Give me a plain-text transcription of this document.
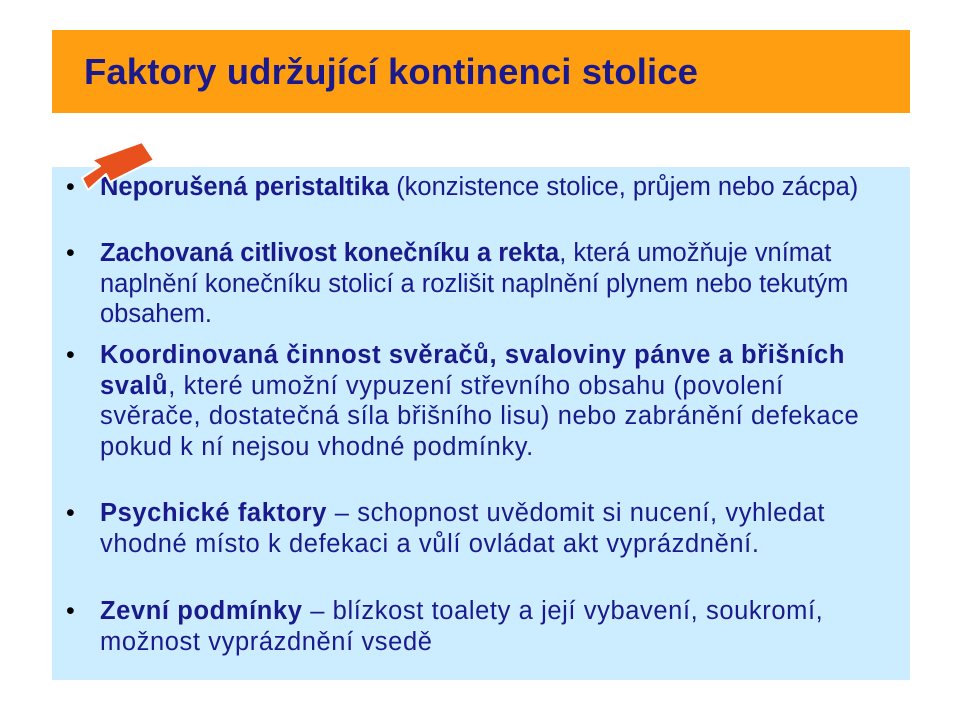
Faktory udržující kontinenci stolice
• Neporušená peristaltika (konzistence stolice, průjem nebo zácpa)
• Zachovaná citlivost konečníku a rekta, která umožňuje vnímat naplnění konečníku stolicí a rozlišit naplnění plynem nebo tekutým obsahem.
• Koordinovaná činnost svěračů, svaloviny pánve a břišních svalů, které umožní vypuzení střevního obsahu (povolení svěrače, dostatečná síla břišního lisu) nebo zabránění defekace pokud k ní nejsou vhodné podmínky.
• Psychické faktory – schopnost uvědomit si nucení, vyhledat vhodné místo k defekaci a vůlí ovládat akt vyprázdnění.
• Zevní podmínky – blízkost toalety a její vybavení, soukromí, možnost vyprázdnění vsedě
